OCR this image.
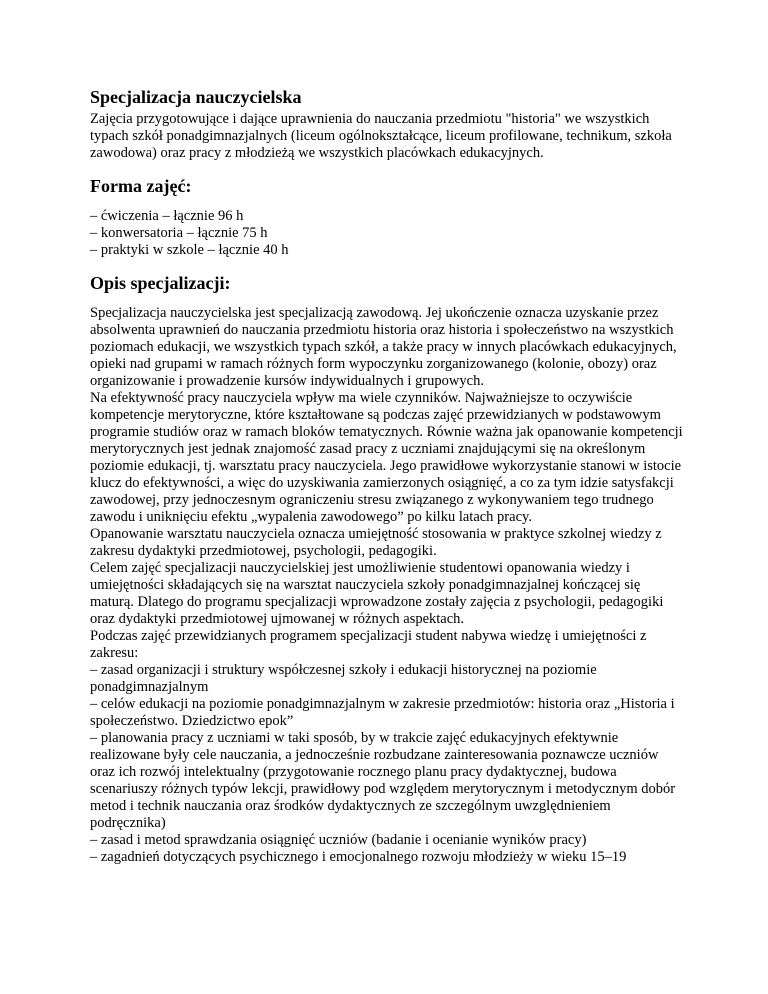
Specjalizacja nauczycielska

Zajęcia przygotowujące i dające uprawnienia do nauczania przedmiotu "historia" we wszystkich typach szkół ponadgimnazjalnych (liceum ogólnokształcące, liceum profilowane, technikum, szkoła zawodowa) oraz pracy z młodzieżą we wszystkich placówkach edukacyjnych.

Forma zajęć:
– ćwiczenia – łącznie 96 h
– konwersatoria – łącznie 75 h
– praktyki w szkole – łącznie 40 h
Opis specjalizacji:

Specjalizacja nauczycielska jest specjalizacją zawodową. Jej ukończenie oznacza uzyskanie przez absolwenta uprawnień do nauczania przedmiotu historia oraz historia i społeczeństwo na wszystkich poziomach edukacji, we wszystkich typach szkół, a także pracy w innych placówkach edukacyjnych, opieki nad grupami w ramach różnych form wypoczynku zorganizowanego (kolonie, obozy) oraz organizowanie i prowadzenie kursów indywidualnych i grupowych.

Na efektywność pracy nauczyciela wpływ ma wiele czynników. Najważniejsze to oczywiście kompetencje merytoryczne, które kształtowane są podczas zajęć przewidzianych w podstawowym programie studiów oraz w ramach bloków tematycznych. Równie ważna jak opanowanie kompetencji merytorycznych jest jednak znajomość zasad pracy z uczniami znajdującymi się na określonym poziomie edukacji, tj. warsztatu pracy nauczyciela. Jego prawidłowe wykorzystanie stanowi w istocie klucz do efektywności, a więc do uzyskiwania zamierzonych osiągnięć, a co za tym idzie satysfakcji zawodowej, przy jednoczesnym ograniczeniu stresu związanego z wykonywaniem tego trudnego zawodu i uniknięciu efektu „wypalenia zawodowego” po kilku latach pracy.

Opanowanie warsztatu nauczyciela oznacza umiejętność stosowania w praktyce szkolnej wiedzy z zakresu dydaktyki przedmiotowej, psychologii, pedagogiki.

Celem zajęć specjalizacji nauczycielskiej jest umożliwienie studentowi opanowania wiedzy i umiejętności składających się na warsztat nauczyciela szkoły ponadgimnazjalnej kończącej się maturą. Dlatego do programu specjalizacji wprowadzone zostały zajęcia z psychologii, pedagogiki oraz dydaktyki przedmiotowej ujmowanej w różnych aspektach.

Podczas zajęć przewidzianych programem specjalizacji student nabywa wiedzę i umiejętności z zakresu:

– zasad organizacji i struktury współczesnej szkoły i edukacji historycznej na poziomie ponadgimnazjalnym

– celów edukacji na poziomie ponadgimnazjalnym w zakresie przedmiotów: historia oraz „Historia i społeczeństwo. Dziedzictwo epok”

– planowania pracy z uczniami w taki sposób, by w trakcie zajęć edukacyjnych efektywnie realizowane były cele nauczania, a jednocześnie rozbudzane zainteresowania poznawcze uczniów oraz ich rozwój intelektualny (przygotowanie rocznego planu pracy dydaktycznej, budowa scenariuszy różnych typów lekcji, prawidłowy pod względem merytorycznym i metodycznym dobór metod i technik nauczania oraz środków dydaktycznych ze szczególnym uwzględnieniem podręcznika)

– zasad i metod sprawdzania osiągnięć uczniów (badanie i ocenianie wyników pracy)

– zagadnień dotyczących psychicznego i emocjonalnego rozwoju młodzieży w wieku 15–19
